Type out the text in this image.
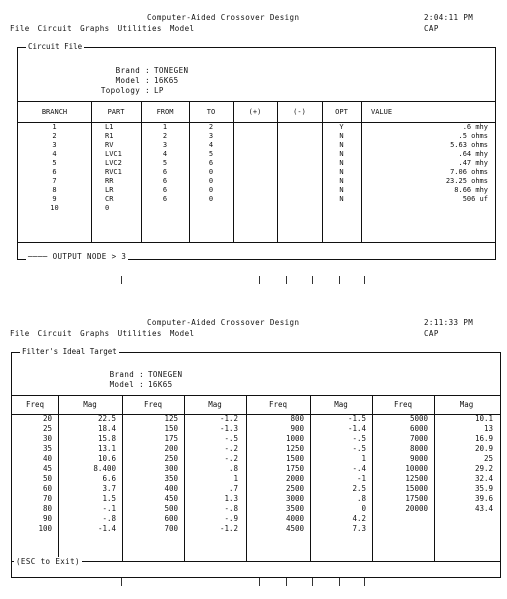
Computer-Aided Crossover Design	2:04:11 PM
CAP
File Circuit Graphs Utilities Model
Circuit File
Brand : TONEGEN
Model : 16K65
Topology : LP
BRANCH	PART	FROM	TO	(+)	(-)	OPT	VALUE
1	L1	1	2			Y	.6 mhy
2	R1	2	3			N	.5 ohms
3	RV	3	4			N	5.63 ohms
4	LVC1	4	5			N	.64 mhy
5	LVC2	5	6			N	.47 mhy
6	RVC1	6	0			N	7.06 ohms
7	RR	6	0			N	23.25 ohms
8	LR	6	0			N	8.66 mhy
9	CR	6	0			N	506 uf
10	0						
──── OUTPUT NODE > 3
Computer-Aided Crossover Design	2:11:33 PM
CAP
File Circuit Graphs Utilities Model
Filter's Ideal Target
Brand : TONEGEN
Model : 16K65
Freq	Mag	Freq	Mag	Freq	Mag	Freq	Mag
20	22.5	125	-1.2	800	-1.5	5000	10.1
25	18.4	150	-1.3	900	-1.4	6000	13
30	15.8	175	-.5	1000	-.5	7000	16.9
35	13.1	200	-.2	1250	-.5	8000	20.9
40	10.6	250	-.2	1500	1	9000	25
45	8.400	300	.8	1750	-.4	10000	29.2
50	6.6	350	1	2000	-1	12500	32.4
60	3.7	400	.7	2500	2.5	15000	35.9
70	1.5	450	1.3	3000	.8	17500	39.6
80	-.1	500	-.8	3500	0	20000	43.4
90	-.8	600	-.9	4000	4.2		
100	-1.4	700	-1.2	4500	7.3		
(ESC to Exit)
